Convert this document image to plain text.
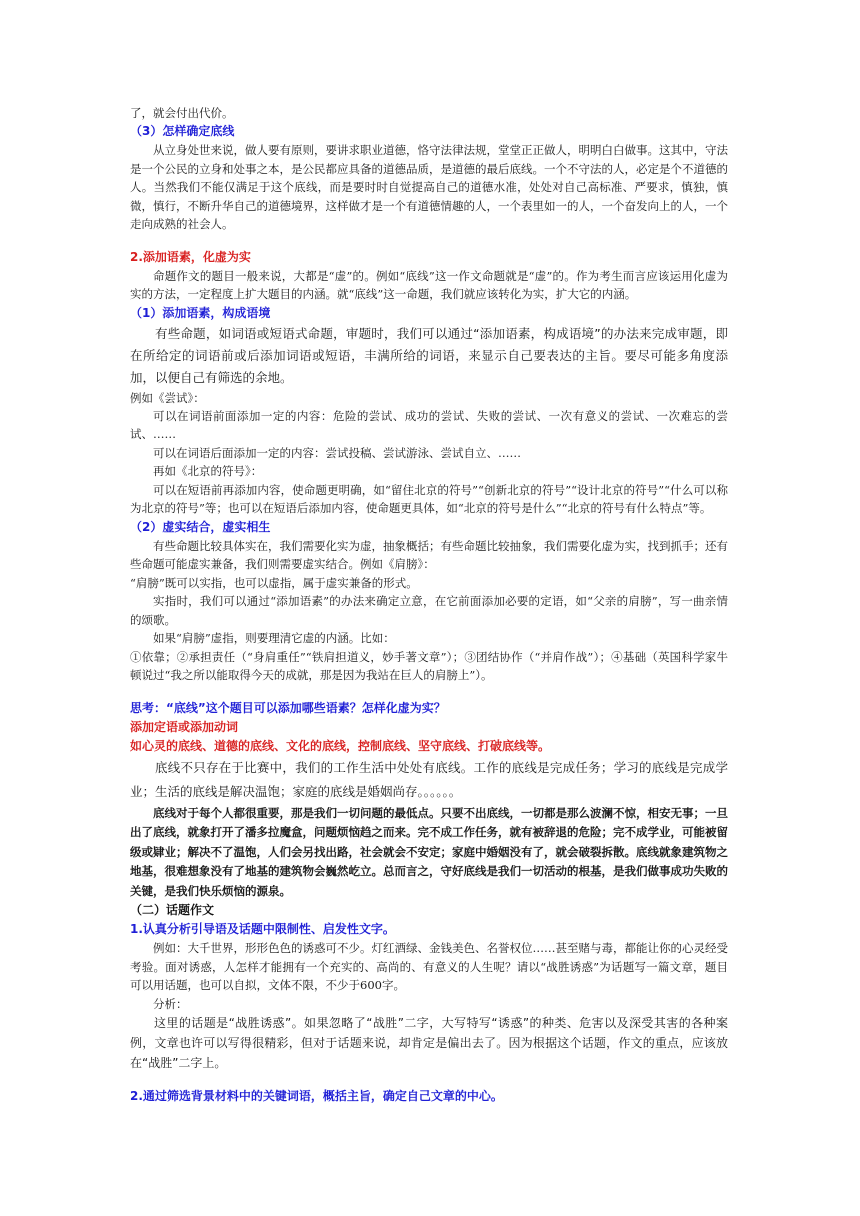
了，就会付出代价。

（3）怎样确定底线

从立身处世来说，做人要有原则，要讲求职业道德，恪守法律法规，堂堂正正做人，明明白白做事。这其中，守法是一个公民的立身和处事之本，是公民都应具备的道德品质，是道德的最后底线。一个不守法的人，必定是个不道德的人。当然我们不能仅满足于这个底线，而是要时时自觉提高自己的道德水准，处处对自己高标准、严要求，慎独，慎微，慎行，不断升华自己的道德境界，这样做才是一个有道德情趣的人，一个表里如一的人，一个奋发向上的人，一个走向成熟的社会人。

2.添加语素，化虚为实

命题作文的题目一般来说，大都是“虚”的。例如“底线”这一作文命题就是“虚”的。作为考生而言应该运用化虚为实的方法，一定程度上扩大题目的内涵。就“底线”这一命题，我们就应该转化为实，扩大它的内涵。

（1）添加语素，构成语境

有些命题，如词语或短语式命题，审题时，我们可以通过“添加语素，构成语境”的办法来完成审题，即在所给定的词语前或后添加词语或短语，丰满所给的词语，来显示自己要表达的主旨。要尽可能多角度添加，以便自己有筛选的余地。

例如《尝试》：

可以在词语前面添加一定的内容：危险的尝试、成功的尝试、失败的尝试、一次有意义的尝试、一次难忘的尝试、……

可以在词语后面添加一定的内容：尝试投稿、尝试游泳、尝试自立、……

再如《北京的符号》：

可以在短语前再添加内容，使命题更明确，如“留住北京的符号”“创新北京的符号”“设计北京的符号”“什么可以称为北京的符号”等；也可以在短语后添加内容，使命题更具体，如“北京的符号是什么”“北京的符号有什么特点”等。

（2）虚实结合，虚实相生

有些命题比较具体实在，我们需要化实为虚，抽象概括；有些命题比较抽象，我们需要化虚为实，找到抓手；还有些命题可能虚实兼备，我们则需要虚实结合。例如《肩膀》：

“肩膀”既可以实指，也可以虚指，属于虚实兼备的形式。

实指时，我们可以通过“添加语素”的办法来确定立意，在它前面添加必要的定语，如“父亲的肩膀”，写一曲亲情的颂歌。

如果“肩膀”虚指，则要理清它虚的内涵。比如：

①依靠；②承担责任（“身肩重任”“铁肩担道义，妙手著文章”）；③团结协作（“并肩作战”）；④基础（英国科学家牛顿说过“我之所以能取得今天的成就，那是因为我站在巨人的肩膀上”）。

思考：“底线”这个题目可以添加哪些语素？怎样化虚为实？

添加定语或添加动词

如心灵的底线、道德的底线、文化的底线，控制底线、坚守底线、打破底线等。

底线不只存在于比赛中，我们的工作生活中处处有底线。工作的底线是完成任务；学习的底线是完成学业；生活的底线是解决温饱；家庭的底线是婚姻尚存。。。。。。

底线对于每个人都很重要，那是我们一切问题的最低点。只要不出底线，一切都是那么波澜不惊，相安无事；一旦出了底线，就象打开了潘多拉魔盒，问题烦恼趋之而来。完不成工作任务，就有被辞退的危险；完不成学业，可能被留级或肄业；解决不了温饱，人们会另找出路，社会就会不安定；家庭中婚姻没有了，就会破裂拆散。底线就象建筑物之地基，很难想象没有了地基的建筑物会巍然屹立。总而言之，守好底线是我们一切活动的根基，是我们做事成功失败的关键，是我们快乐烦恼的源泉。

（二）话题作文

1.认真分析引导语及话题中限制性、启发性文字。

例如：大千世界，形形色色的诱惑可不少。灯红酒绿、金钱美色、名誉权位……甚至赌与毒，都能让你的心灵经受考验。面对诱惑，人怎样才能拥有一个充实的、高尚的、有意义的人生呢？请以“战胜诱惑”为话题写一篇文章，题目可以用话题，也可以自拟，文体不限，不少于600字。

分析：

这里的话题是“战胜诱惑”。如果忽略了“战胜”二字，大写特写“诱惑”的种类、危害以及深受其害的各种案例，文章也许可以写得很精彩，但对于话题来说，却肯定是偏出去了。因为根据这个话题，作文的重点，应该放在“战胜”二字上。

2.通过筛选背景材料中的关键词语，概括主旨，确定自己文章的中心。
